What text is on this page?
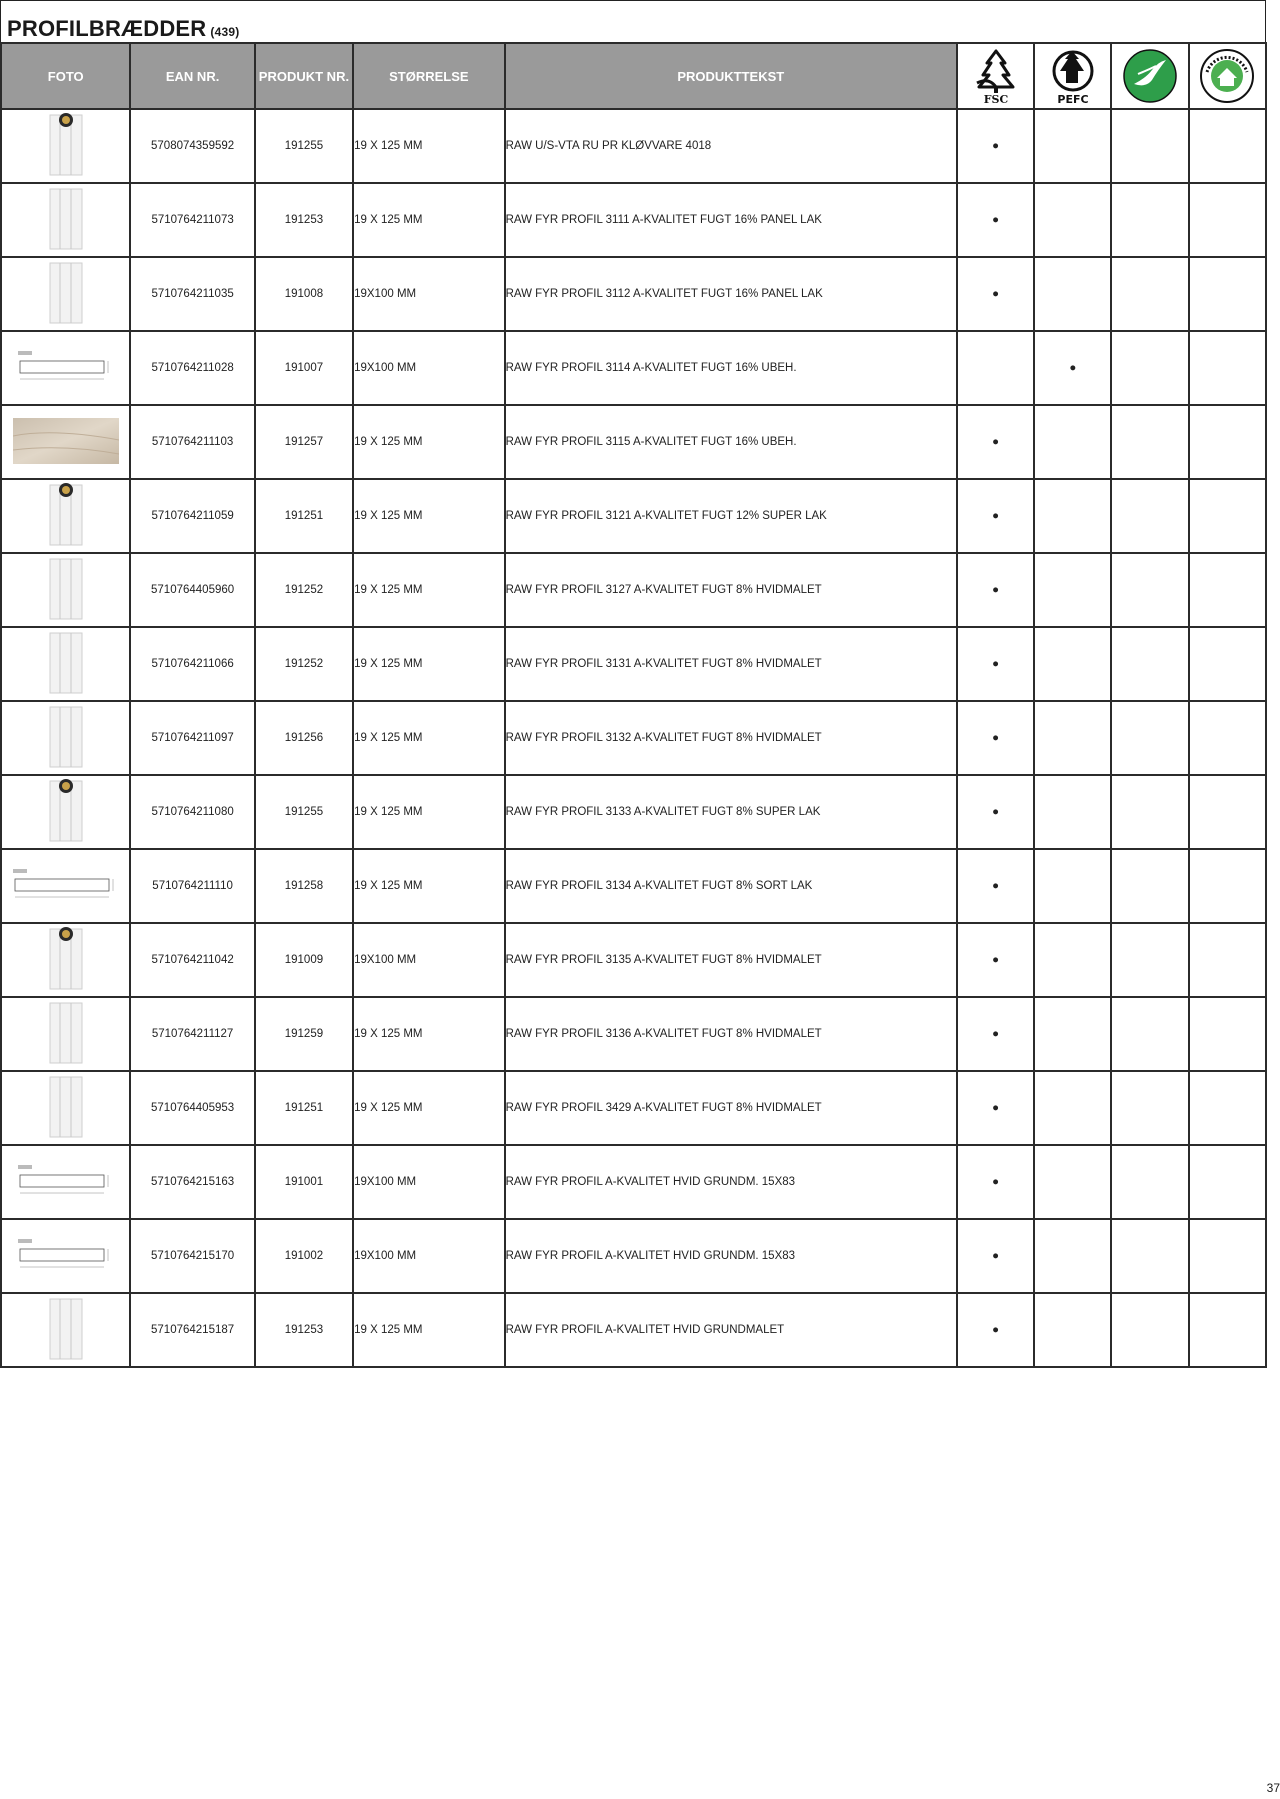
PROFILBRÆDDER (439)
FOTO	EAN NR.	PRODUKT NR.	STØRRELSE	PRODUKTTEKST	FSC	PEFC

	5708074359592	191255	19 X 125 MM	RAW U/S-VTA RU PR KLØVVARE 4018	●			
	5710764211073	191253	19 X 125 MM	RAW FYR PROFIL 3111 A-KVALITET FUGT 16% PANEL LAK	●			
	5710764211035	191008	19X100 MM	RAW FYR PROFIL 3112 A-KVALITET FUGT 16% PANEL LAK	●			
	5710764211028	191007	19X100 MM	RAW FYR PROFIL 3114 A-KVALITET FUGT 16% UBEH.		●		
	5710764211103	191257	19 X 125 MM	RAW FYR PROFIL 3115 A-KVALITET FUGT 16% UBEH.	●			
	5710764211059	191251	19 X 125 MM	RAW FYR PROFIL 3121 A-KVALITET FUGT 12% SUPER LAK	●			
	5710764405960	191252	19 X 125 MM	RAW FYR PROFIL 3127 A-KVALITET FUGT 8% HVIDMALET	●			
	5710764211066	191252	19 X 125 MM	RAW FYR PROFIL 3131 A-KVALITET FUGT 8% HVIDMALET	●			
	5710764211097	191256	19 X 125 MM	RAW FYR PROFIL 3132 A-KVALITET FUGT 8% HVIDMALET	●			
	5710764211080	191255	19 X 125 MM	RAW FYR PROFIL 3133 A-KVALITET FUGT 8% SUPER LAK	●			
	5710764211110	191258	19 X 125 MM	RAW FYR PROFIL 3134 A-KVALITET FUGT 8% SORT LAK	●			
	5710764211042	191009	19X100 MM	RAW FYR PROFIL 3135 A-KVALITET FUGT 8% HVIDMALET	●			
	5710764211127	191259	19 X 125 MM	RAW FYR PROFIL 3136 A-KVALITET FUGT 8% HVIDMALET	●			
	5710764405953	191251	19 X 125 MM	RAW FYR PROFIL 3429 A-KVALITET FUGT 8% HVIDMALET	●			
	5710764215163	191001	19X100 MM	RAW FYR PROFIL A-KVALITET HVID GRUNDM. 15X83	●			
	5710764215170	191002	19X100 MM	RAW FYR PROFIL A-KVALITET HVID GRUNDM. 15X83	●			
	5710764215187	191253	19 X 125 MM	RAW FYR PROFIL A-KVALITET HVID GRUNDMALET	●			
37
